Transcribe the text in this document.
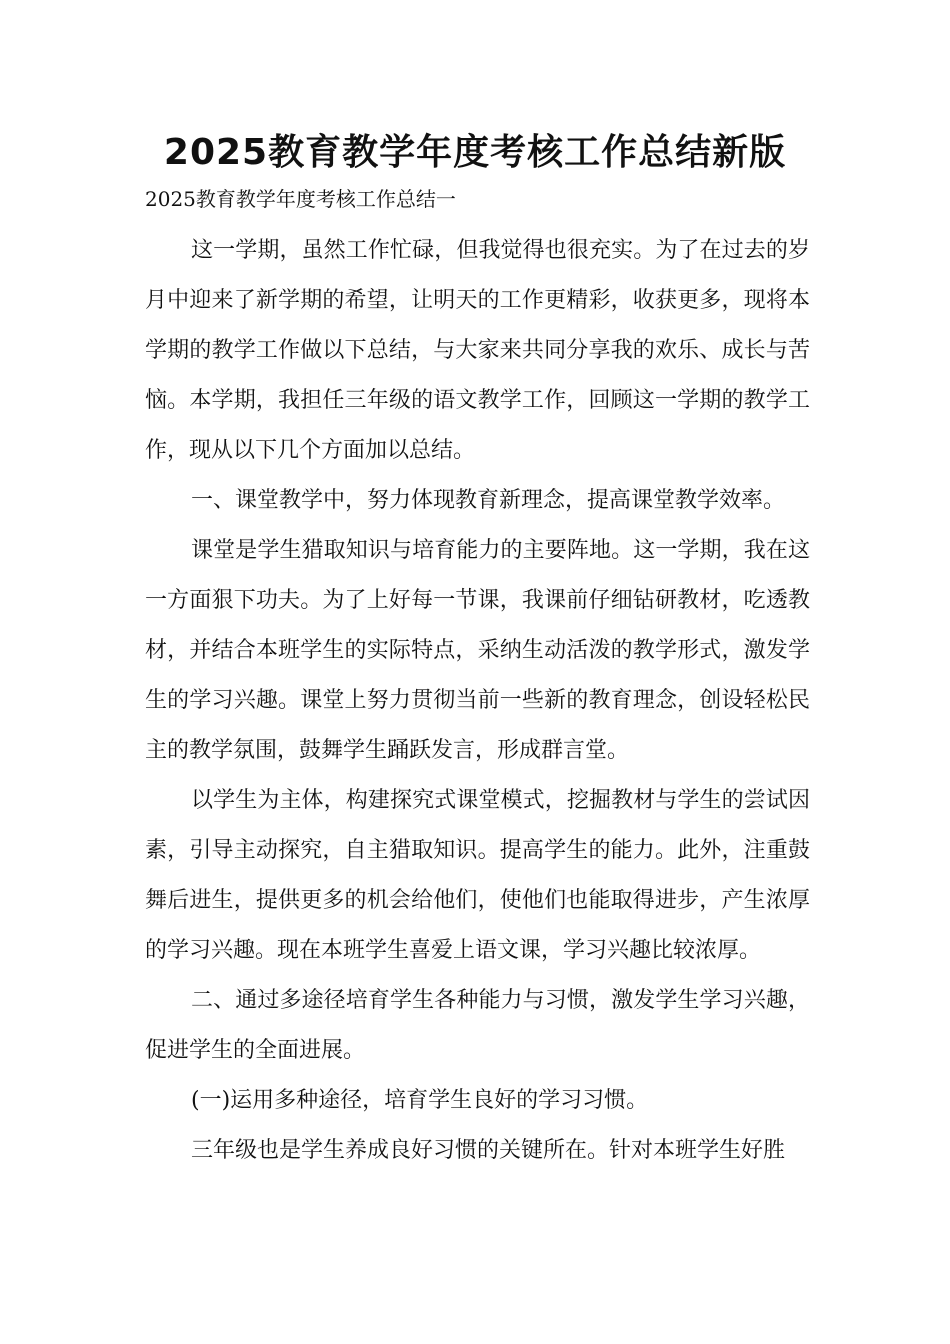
2025教育教学年度考核工作总结新版
2025教育教学年度考核工作总结一

这一学期，虽然工作忙碌，但我觉得也很充实。为了在过去的岁月中迎来了新学期的希望，让明天的工作更精彩，收获更多，现将本学期的教学工作做以下总结，与大家来共同分享我的欢乐、成长与苦恼。本学期，我担任三年级的语文教学工作，回顾这一学期的教学工作，现从以下几个方面加以总结。

一、课堂教学中，努力体现教育新理念，提高课堂教学效率。

课堂是学生猎取知识与培育能力的主要阵地。这一学期，我在这一方面狠下功夫。为了上好每一节课，我课前仔细钻研教材，吃透教材，并结合本班学生的实际特点，采纳生动活泼的教学形式，激发学生的学习兴趣。课堂上努力贯彻当前一些新的教育理念，创设轻松民主的教学氛围，鼓舞学生踊跃发言，形成群言堂。

以学生为主体，构建探究式课堂模式，挖掘教材与学生的尝试因素，引导主动探究，自主猎取知识。提高学生的能力。此外，注重鼓舞后进生，提供更多的机会给他们，使他们也能取得进步，产生浓厚的学习兴趣。现在本班学生喜爱上语文课，学习兴趣比较浓厚。

二、通过多途径培育学生各种能力与习惯，激发学生学习兴趣，促进学生的全面进展。

(一)运用多种途径，培育学生良好的学习习惯。

三年级也是学生养成良好习惯的关键所在。针对本班学生好胜
